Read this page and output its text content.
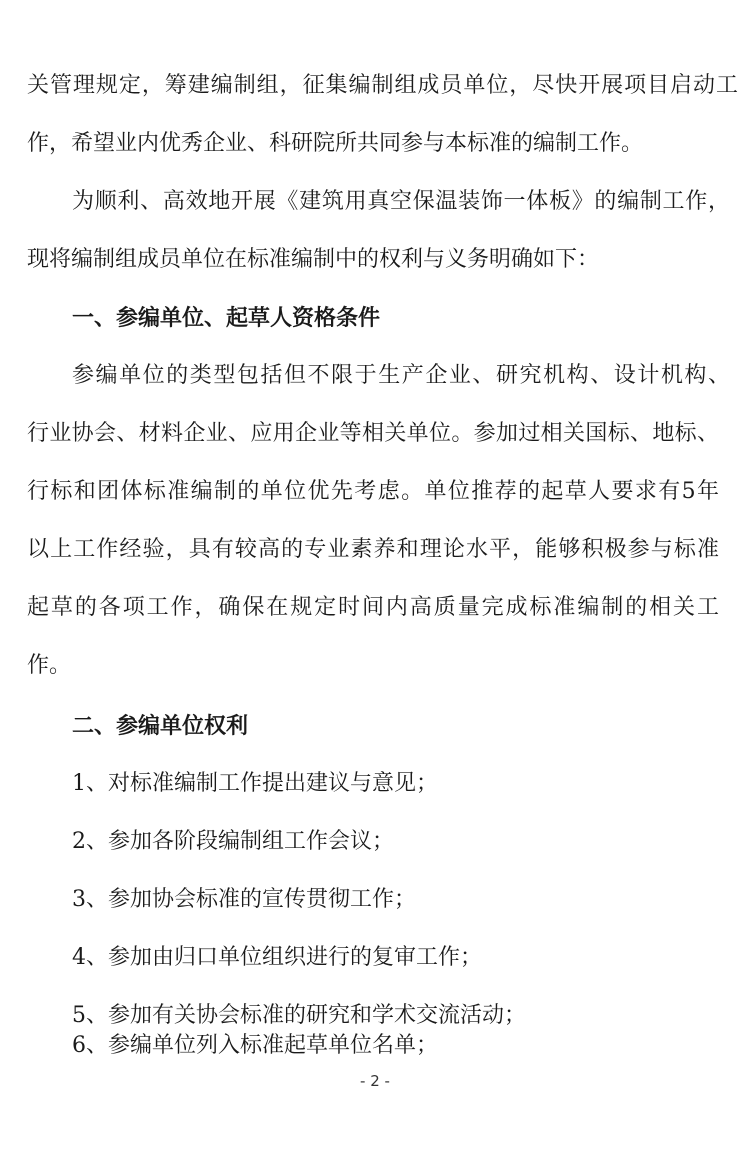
关管理规定，筹建编制组，征集编制组成员单位，尽快开展项目启动工
作，希望业内优秀企业、科研院所共同参与本标准的编制工作。
为顺利、高效地开展《建筑用真空保温装饰一体板》的编制工作，
现将编制组成员单位在标准编制中的权利与义务明确如下：
一、参编单位、起草人资格条件
参编单位的类型包括但不限于生产企业、研究机构、设计机构、
行业协会、材料企业、应用企业等相关单位。参加过相关国标、地标、
行标和团体标准编制的单位优先考虑。单位推荐的起草人要求有5年
以上工作经验，具有较高的专业素养和理论水平，能够积极参与标准
起草的各项工作，确保在规定时间内高质量完成标准编制的相关工
作。
二、参编单位权利
1、对标准编制工作提出建议与意见；
2、参加各阶段编制组工作会议；
3、参加协会标准的宣传贯彻工作；
4、参加由归口单位组织进行的复审工作；
5、参加有关协会标准的研究和学术交流活动；
6、参编单位列入标准起草单位名单；
- 2 -
